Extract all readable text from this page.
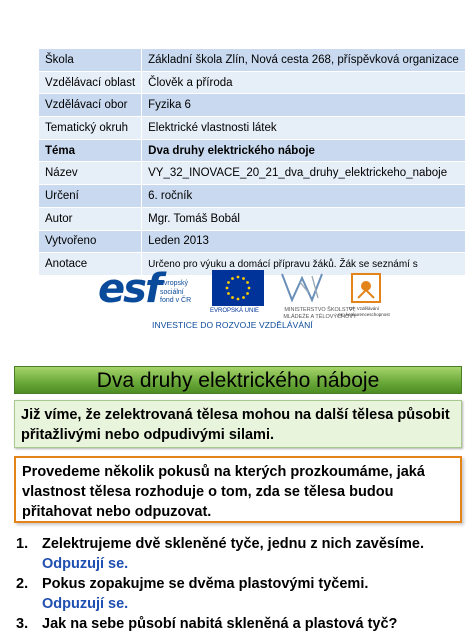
Škola	Základní škola Zlín, Nová cesta 268, příspěvková organizace
Vzdělávací oblast	Člověk a příroda
Vzdělávací obor	Fyzika 6
Tematický okruh	Elektrické vlastnosti látek
Téma	Dva druhy elektrického náboje
Název	VY_32_INOVACE_20_21_dva_druhy_elektrickeho_naboje
Určení	6. ročník
Autor	Mgr. Tomáš Bobál
Vytvořeno	Leden 2013
Anotace	Určeno pro výuku a domácí přípravu žáků. Žák se seznámí s
esf evropský
sociální
fond v ČR
EVROPSKÁ UNIE	MINISTERSTVO ŠKOLSTVÍ,
MLÁDEŽE A TĚLOVÝCHOVY
OP Vzdělávání
pro konkurenceschopnost
INVESTICE DO ROZVOJE VZDĚLÁVÁNÍ
Dva druhy elektrického náboje
Již víme, že zelektrovaná tělesa mohou na další tělesa působit přitažlivými nebo odpudivými silami.
Provedeme několik pokusů na kterých prozkoumáme, jaká vlastnost tělesa rozhoduje o tom, zda se tělesa budou přitahovat nebo odpuzovat.
1. Zelektrujeme dvě skleněné tyče, jednu z nich zavěsíme.
Odpuzují se.
2. Pokus zopakujme se dvěma plastovými tyčemi.
Odpuzují se.
3. Jak na sebe působí nabitá skleněná a plastová tyč?
